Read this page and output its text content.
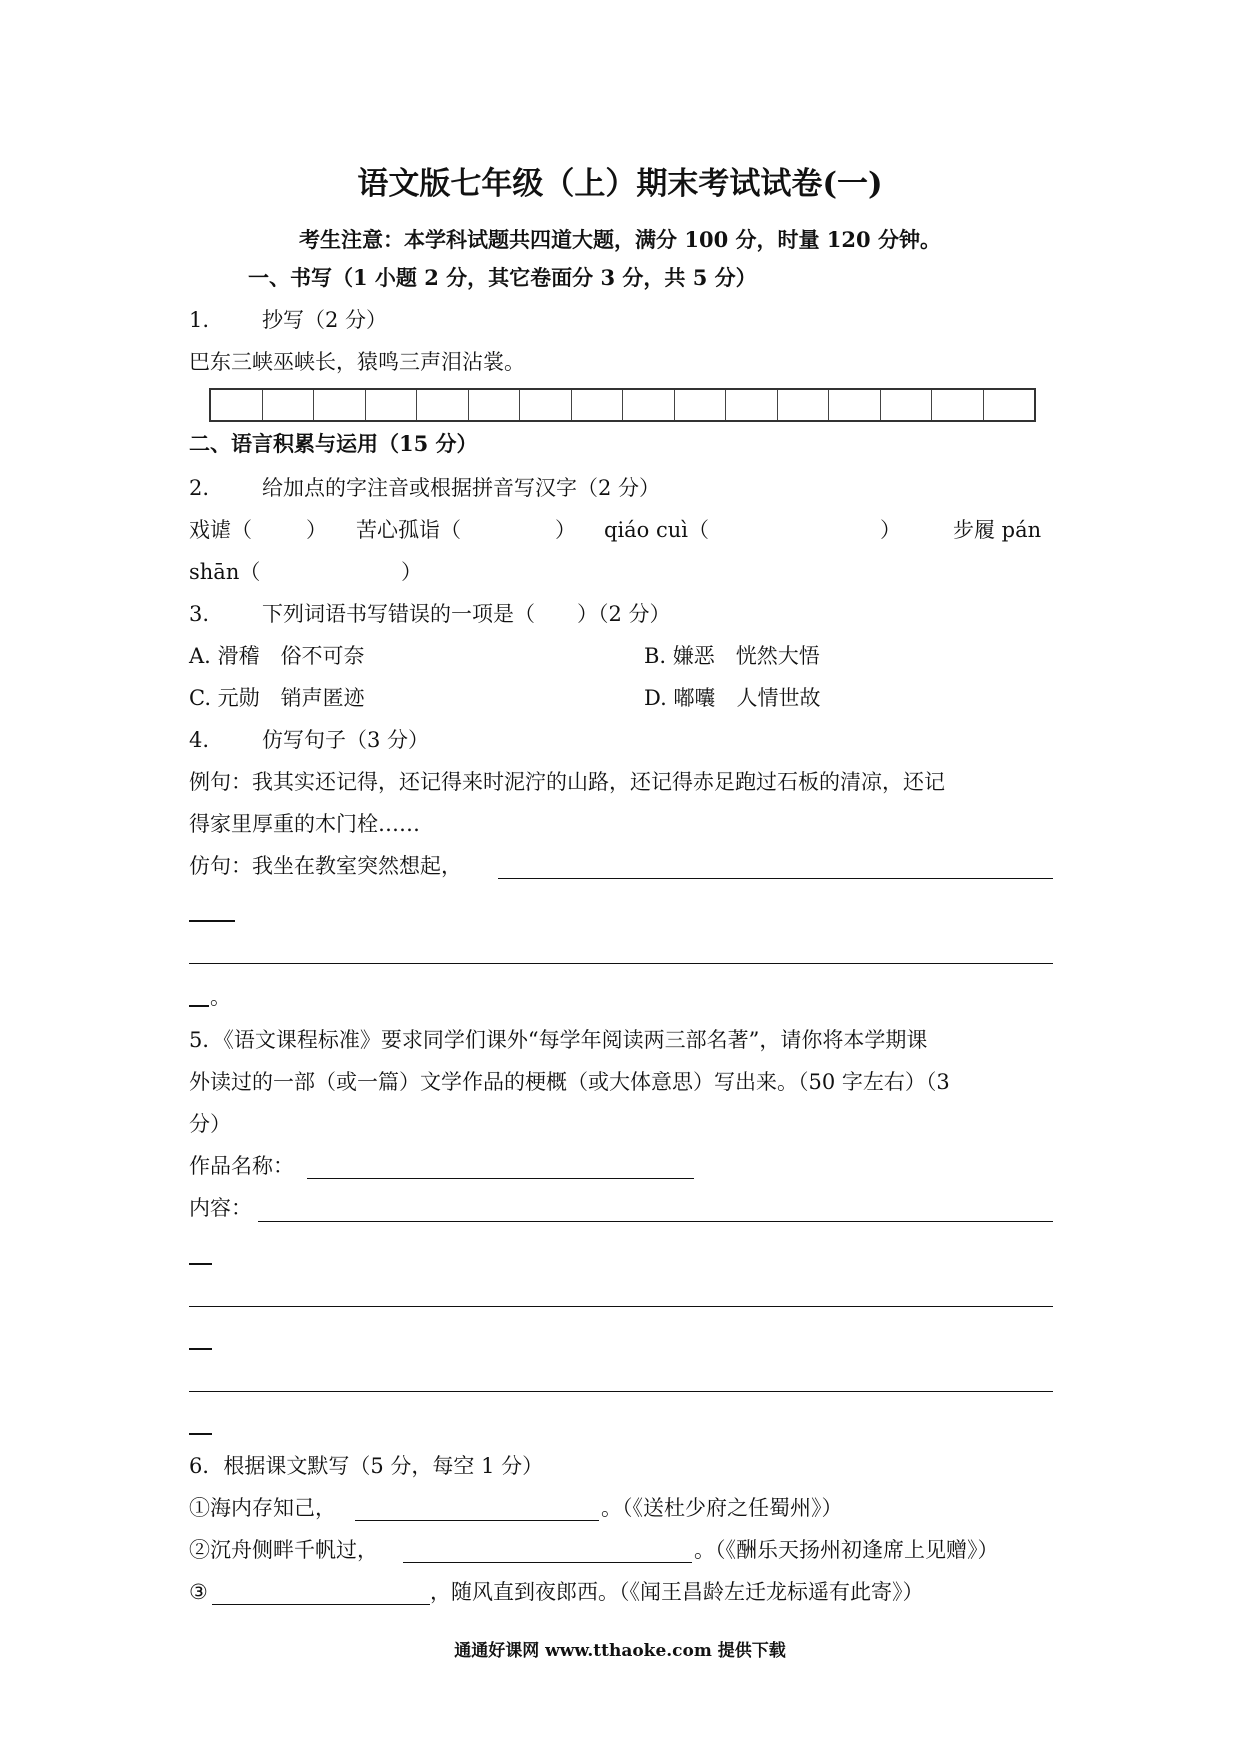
语文版七年级（上）期末考试试卷(一)
考生注意：本学科试题共四道大题，满分 100 分，时量 120 分钟。
一、书写（1 小题 2 分，其它卷面分 3 分，共 5 分）
1.	抄写（2 分）
巴东三峡巫峡长，猿鸣三声泪沾裳。
二、语言积累与运用（15 分）
2.	给加点的字注音或根据拼音写汉字（2 分）
戏谑（	） 苦心孤诣（	） qiáo cuì（	） 步履 pán
shān（	）
3.	下列词语书写错误的一项是（　　）（2 分）
A. 滑稽　俗不可奈	B. 嫌恶　恍然大悟
C. 元勋　销声匿迹	D. 嘟囔　人情世故
4.	仿写句子（3 分）
例句：我其实还记得，还记得来时泥泞的山路，还记得赤足跑过石板的清凉，还记
得家里厚重的木门栓……
仿句：我坐在教室突然想起，
。
5．《语文课程标准》要求同学们课外“每学年阅读两三部名著”，请你将本学期课
外读过的一部（或一篇）文学作品的梗概（或大体意思）写出来。（50 字左右）（3
分）
作品名称：
内容：
6．根据课文默写（5 分，每空 1 分）
①海内存知己，	。（《送杜少府之任蜀州》）
②沉舟侧畔千帆过，	。（《酬乐天扬州初逢席上见赠》）
③	，随风直到夜郎西。（《闻王昌龄左迁龙标遥有此寄》）
通通好课网 www.tthaoke.com 提供下载
